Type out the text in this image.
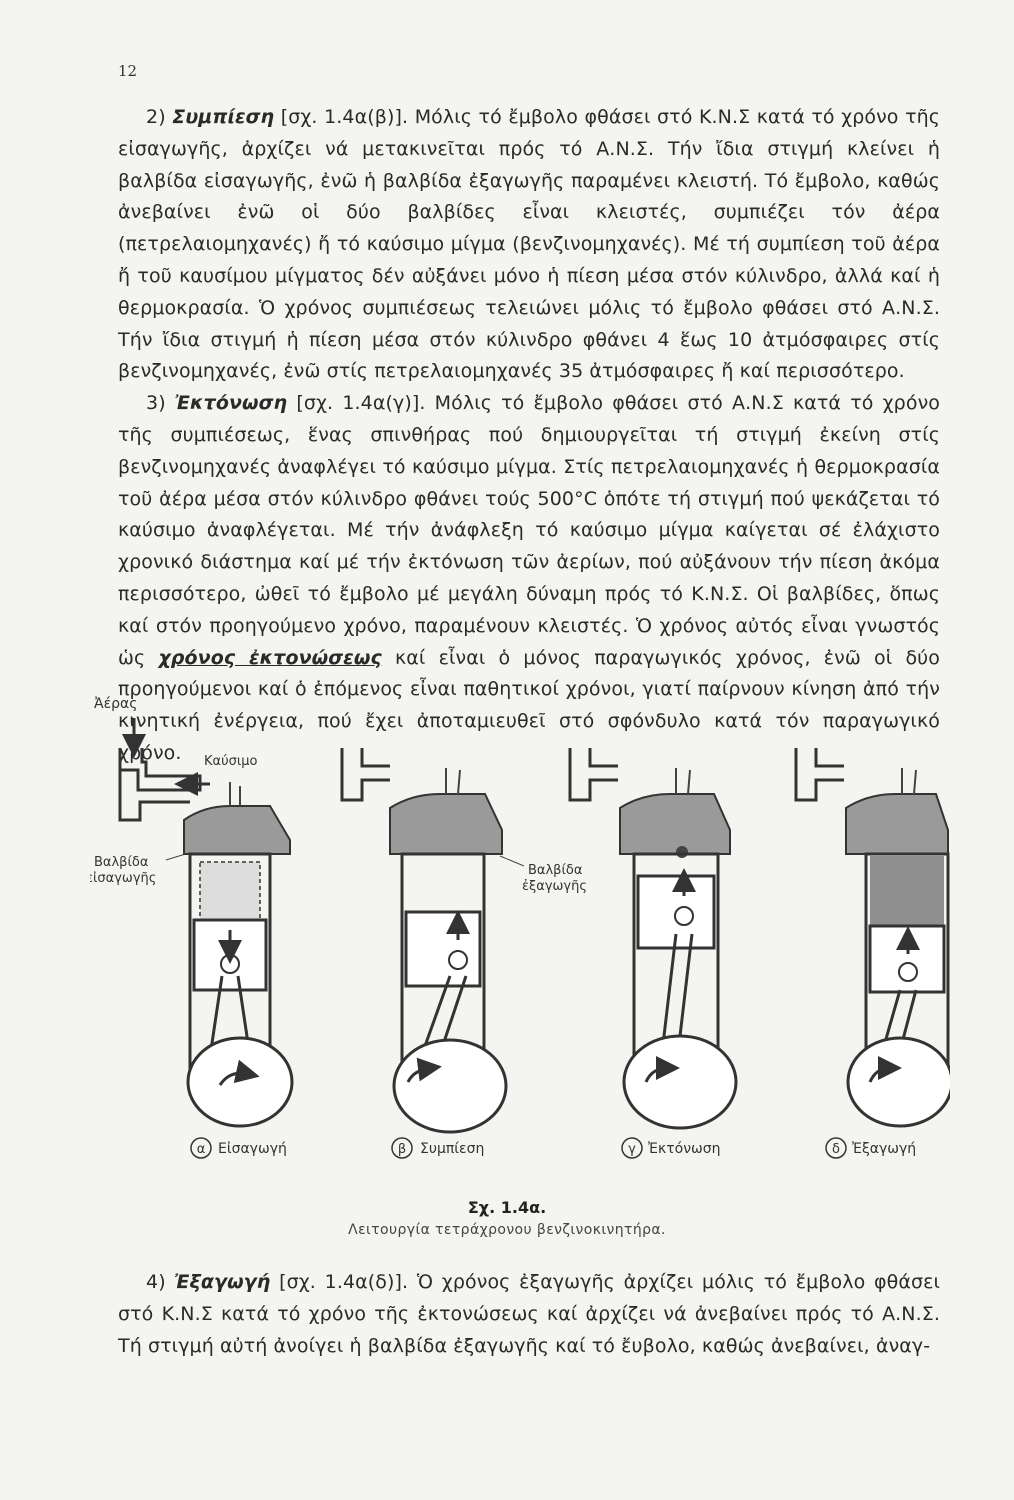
12

2) Συμπίεση [σχ. 1.4α(β)]. Μόλις τό ἔμβολο φθάσει στό Κ.Ν.Σ κατά τό χρόνο τῆς εἰσαγωγῆς, ἀρχίζει νά μετακινεῖται πρός τό Α.Ν.Σ. Τήν ἴδια στιγμή κλείνει ἡ βαλβίδα εἰσαγωγῆς, ἐνῶ ἡ βαλβίδα ἐξαγωγῆς παραμένει κλειστή. Τό ἔμβολο, καθώς ἀνεβαίνει ἐνῶ οἱ δύο βαλβίδες εἶναι κλειστές, συμπιέζει τόν ἀέρα (πετρελαιομηχανές) ἤ τό καύσιμο μίγμα (βενζινομηχανές). Μέ τή συμπίεση τοῦ ἀέρα ἤ τοῦ καυσίμου μίγματος δέν αὐξάνει μόνο ἡ πίεση μέσα στόν κύλινδρο, ἀλλά καί ἡ θερμοκρασία. Ὁ χρόνος συμπιέσεως τελειώνει μόλις τό ἔμβολο φθάσει στό Α.Ν.Σ. Τήν ἴδια στιγμή ἡ πίεση μέσα στόν κύλινδρο φθάνει 4 ἕως 10 ἀτμόσφαιρες στίς βενζινομηχανές, ἐνῶ στίς πετρελαιομηχανές 35 ἀτμόσφαιρες ἤ καί περισσότερο.

3) Ἐκτόνωση [σχ. 1.4α(γ)]. Μόλις τό ἔμβολο φθάσει στό Α.Ν.Σ κατά τό χρόνο τῆς συμπιέσεως, ἕνας σπινθήρας πού δημιουργεῖται τή στιγμή ἐκείνη στίς βενζινομηχανές ἀναφλέγει τό καύσιμο μίγμα. Στίς πετρελαιομηχανές ἡ θερμοκρασία τοῦ ἀέρα μέσα στόν κύλινδρο φθάνει τούς 500°C ὁπότε τή στιγμή πού ψεκάζεται τό καύσιμο ἀναφλέγεται. Μέ τήν ἀνάφλεξη τό καύσιμο μίγμα καίγεται σέ ἐλάχιστο χρονικό διάστημα καί μέ τήν ἐκτόνωση τῶν ἀερίων, πού αὐξάνουν τήν πίεση ἀκόμα περισσότερο, ὠθεῖ τό ἔμβολο μέ μεγάλη δύναμη πρός τό Κ.Ν.Σ. Οἱ βαλβίδες, ὅπως καί στόν προηγούμενο χρόνο, παραμένουν κλειστές. Ὁ χρόνος αὐτός εἶναι γνωστός ὡς χρόνος ἐκτονώσεως καί εἶναι ὁ μόνος παραγωγικός χρόνος, ἐνῶ οἱ δύο προηγούμενοι καί ὁ ἑπόμενος εἶναι παθητικοί χρόνοι, γιατί παίρνουν κίνηση ἀπό τήν κινητική ἐνέργεια, πού ἔχει ἀποταμιευθεῖ στό σφόνδυλο κατά τόν παραγωγικό χρόνο.

Ἀέρας
Καύσιμο
Βαλβίδα
εἰσαγωγῆς
Βαλβίδα
ἐξαγωγῆς
α Εἰσαγωγή	β Συμπίεση	γ Ἐκτόνωση	δ Ἐξαγωγή
Σχ. 1.4α.
Λειτουργία τετράχρονου βενζινοκινητήρα.

4) Ἐξαγωγή [σχ. 1.4α(δ)]. Ὁ χρόνος ἐξαγωγῆς ἀρχίζει μόλις τό ἔμβολο φθάσει στό Κ.Ν.Σ κατά τό χρόνο τῆς ἐκτονώσεως καί ἀρχίζει νά ἀνεβαίνει πρός τό Α.Ν.Σ. Τή στιγμή αὐτή ἀνοίγει ἡ βαλβίδα ἐξαγωγῆς καί τό ἔυβολο, καθώς ἀνεβαίνει, ἀναγ-
